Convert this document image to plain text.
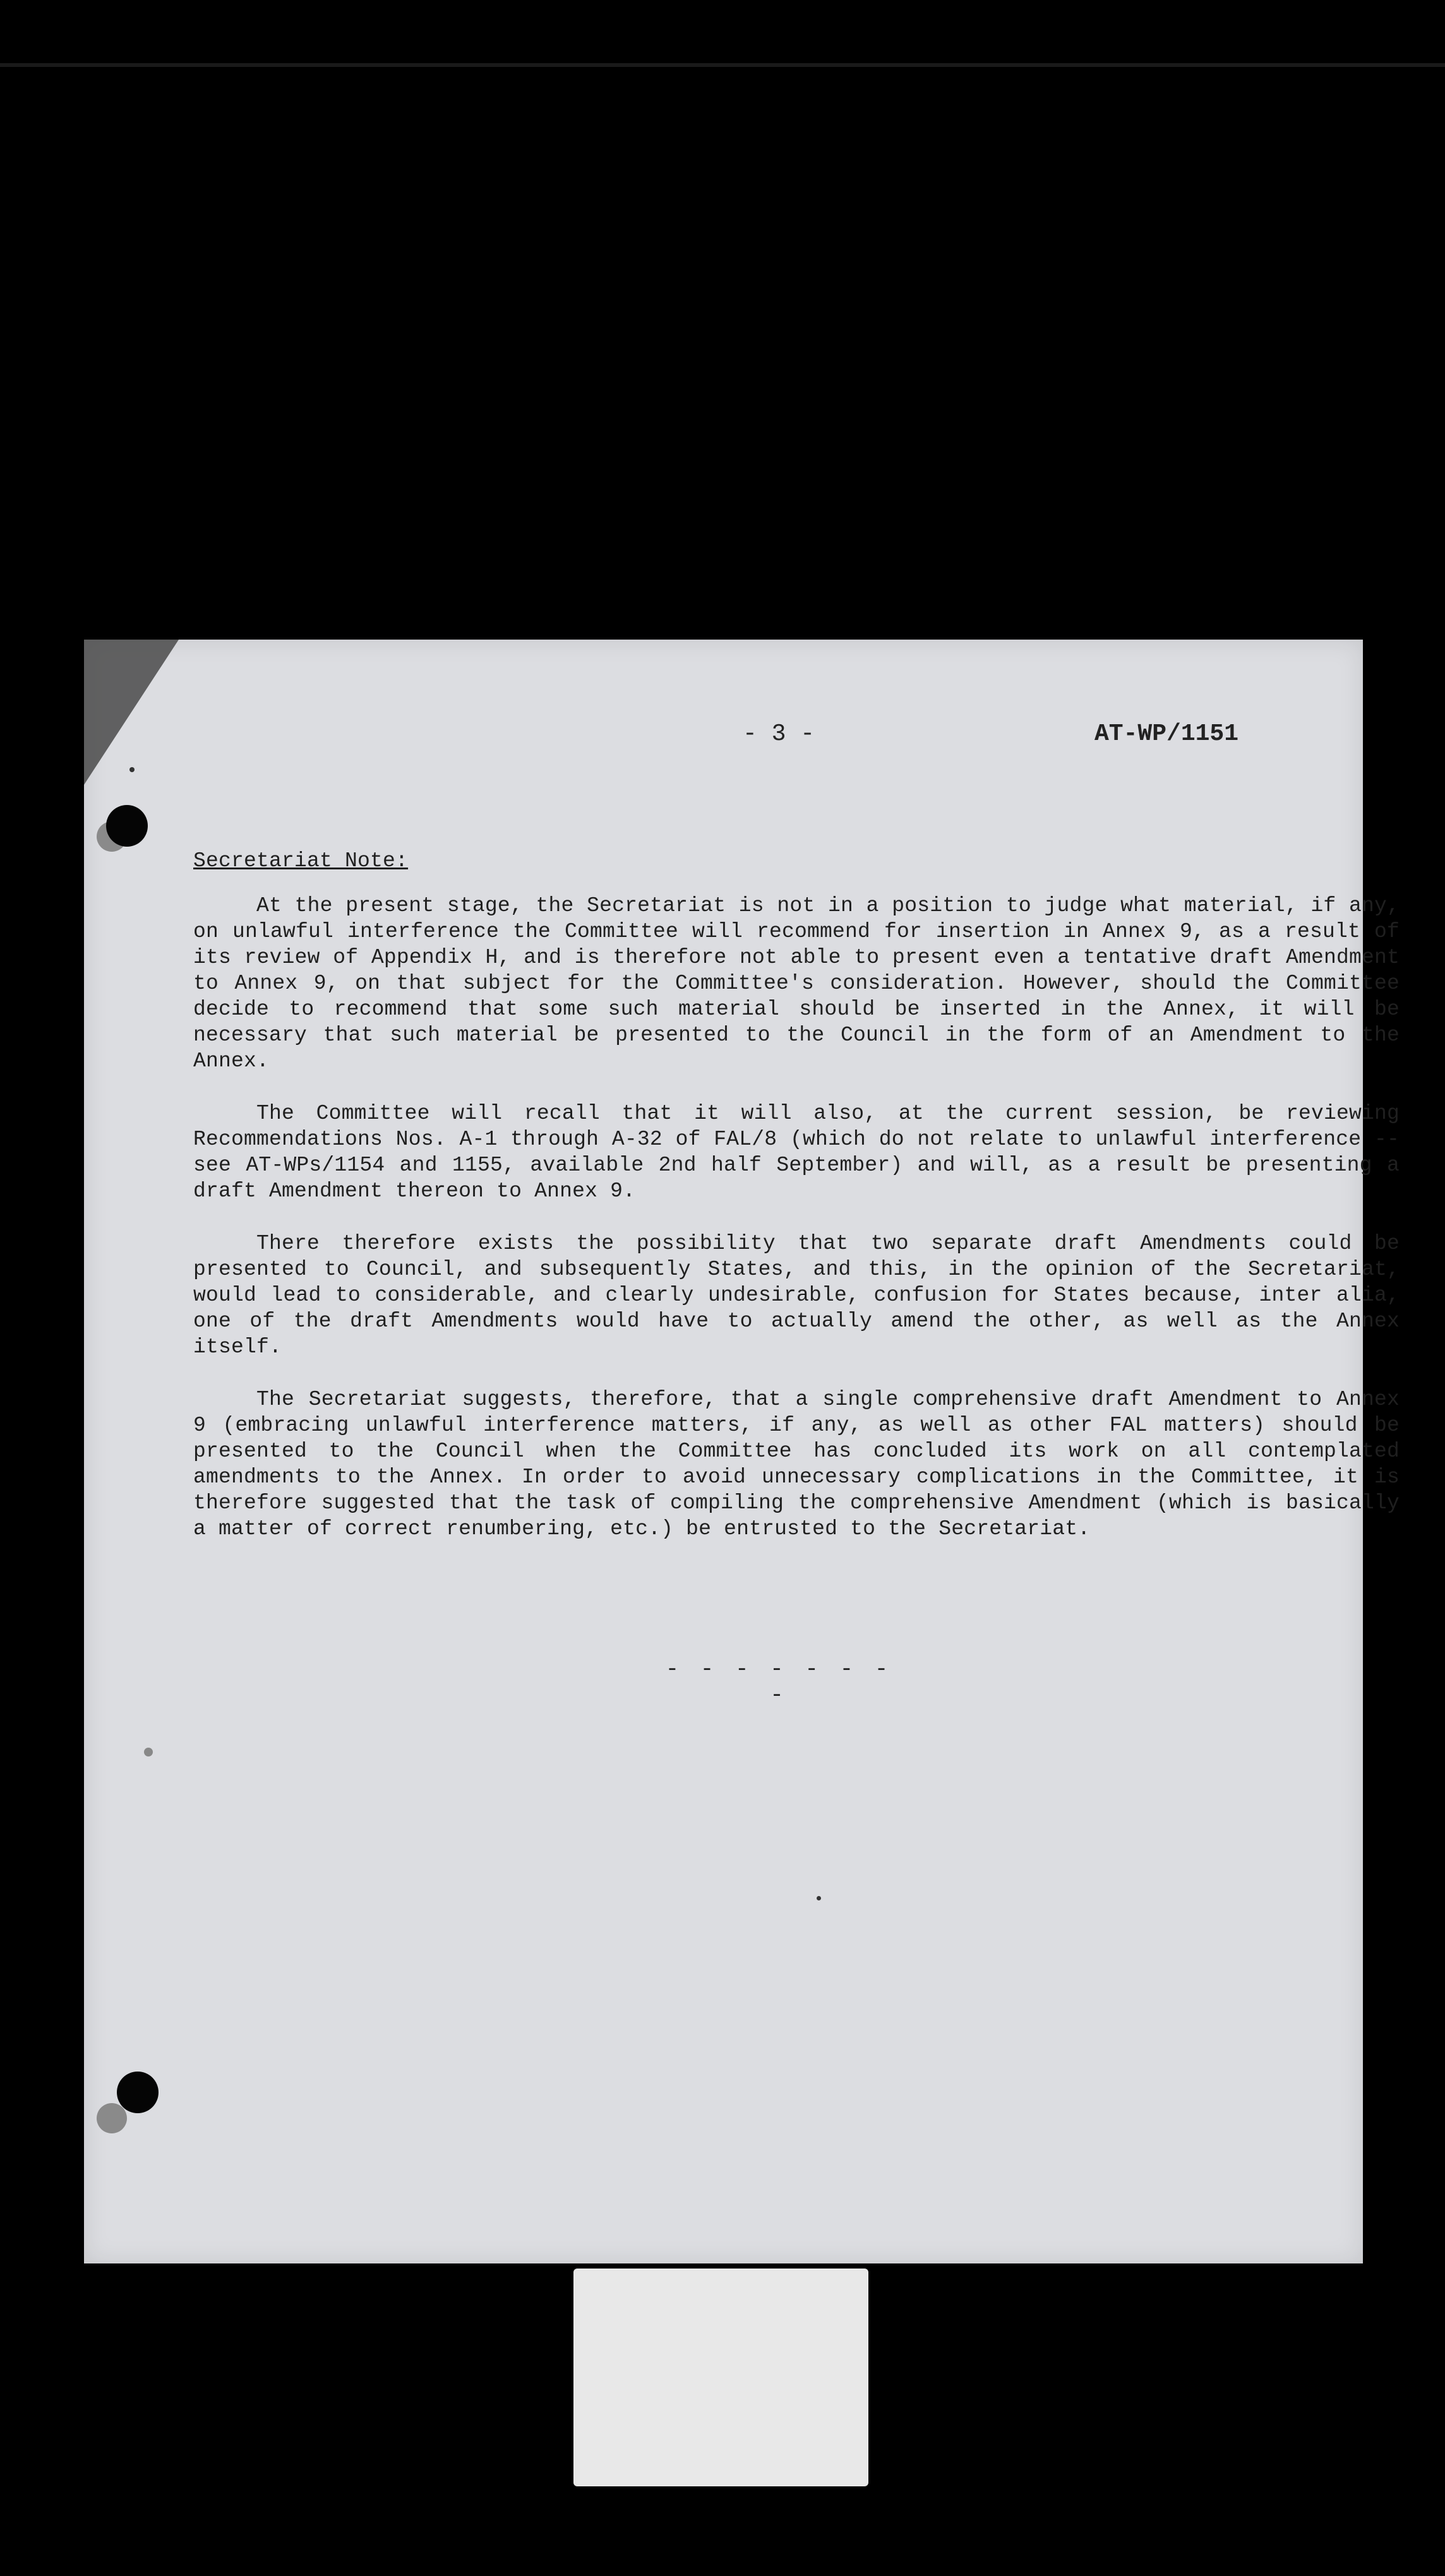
- 3 -	AT-WP/1151
Secretariat Note:

At the present stage, the Secretariat is not in a position to judge what material, if any, on unlawful interference the Committee will recommend for insertion in Annex 9, as a result of its review of Appendix H, and is therefore not able to present even a tentative draft Amendment to Annex 9, on that subject for the Committee's consideration. However, should the Committee decide to recommend that some such material should be inserted in the Annex, it will be necessary that such material be presented to the Council in the form of an Amendment to the Annex.

The Committee will recall that it will also, at the current session, be reviewing Recommendations Nos. A-1 through A-32 of FAL/8 (which do not relate to unlawful interference -- see AT-WPs/1154 and 1155, available 2nd half September) and will, as a result be presenting a draft Amendment thereon to Annex 9.

There therefore exists the possibility that two separate draft Amendments could be presented to Council, and subsequently States, and this, in the opinion of the Secretariat, would lead to considerable, and clearly undesirable, confusion for States because, inter alia, one of the draft Amendments would have to actually amend the other, as well as the Annex itself.

The Secretariat suggests, therefore, that a single comprehensive draft Amendment to Annex 9 (embracing unlawful interference matters, if any, as well as other FAL matters) should be presented to the Council when the Committee has concluded its work on all contemplated amendments to the Annex. In order to avoid unnecessary complications in the Committee, it is therefore suggested that the task of compiling the comprehensive Amendment (which is basically a matter of correct renumbering, etc.) be entrusted to the Secretariat.

- - - - - - - -
